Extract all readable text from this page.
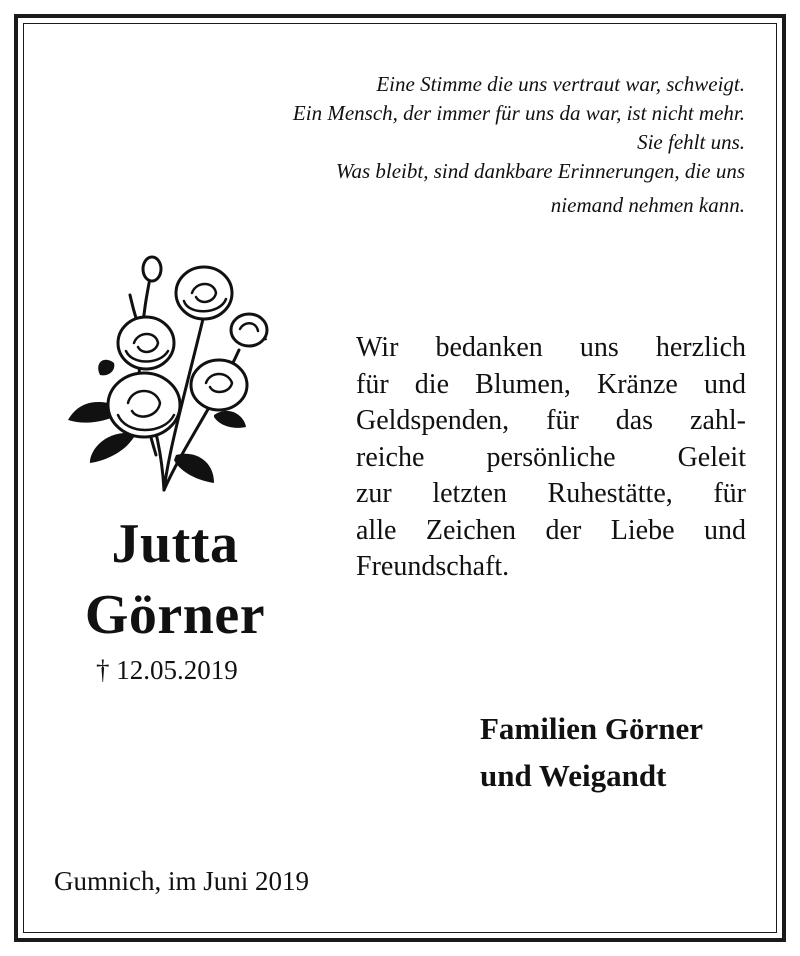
Eine Stimme die uns vertraut war, schweigt.
Ein Mensch, der immer für uns da war, ist nicht mehr.
Sie fehlt uns.
Was bleibt, sind dankbare Erinnerungen, die uns
niemand nehmen kann.
Jutta
Görner
† 12.05.2019
Wir bedanken uns herzlich
für die Blumen, Kränze und
Geldspenden, für das zahl-
reiche persönliche Geleit
zur letzten Ruhestätte, für
alle Zeichen der Liebe und
Freundschaft.
Familien Görner
und Weigandt
Gumnich, im Juni 2019
